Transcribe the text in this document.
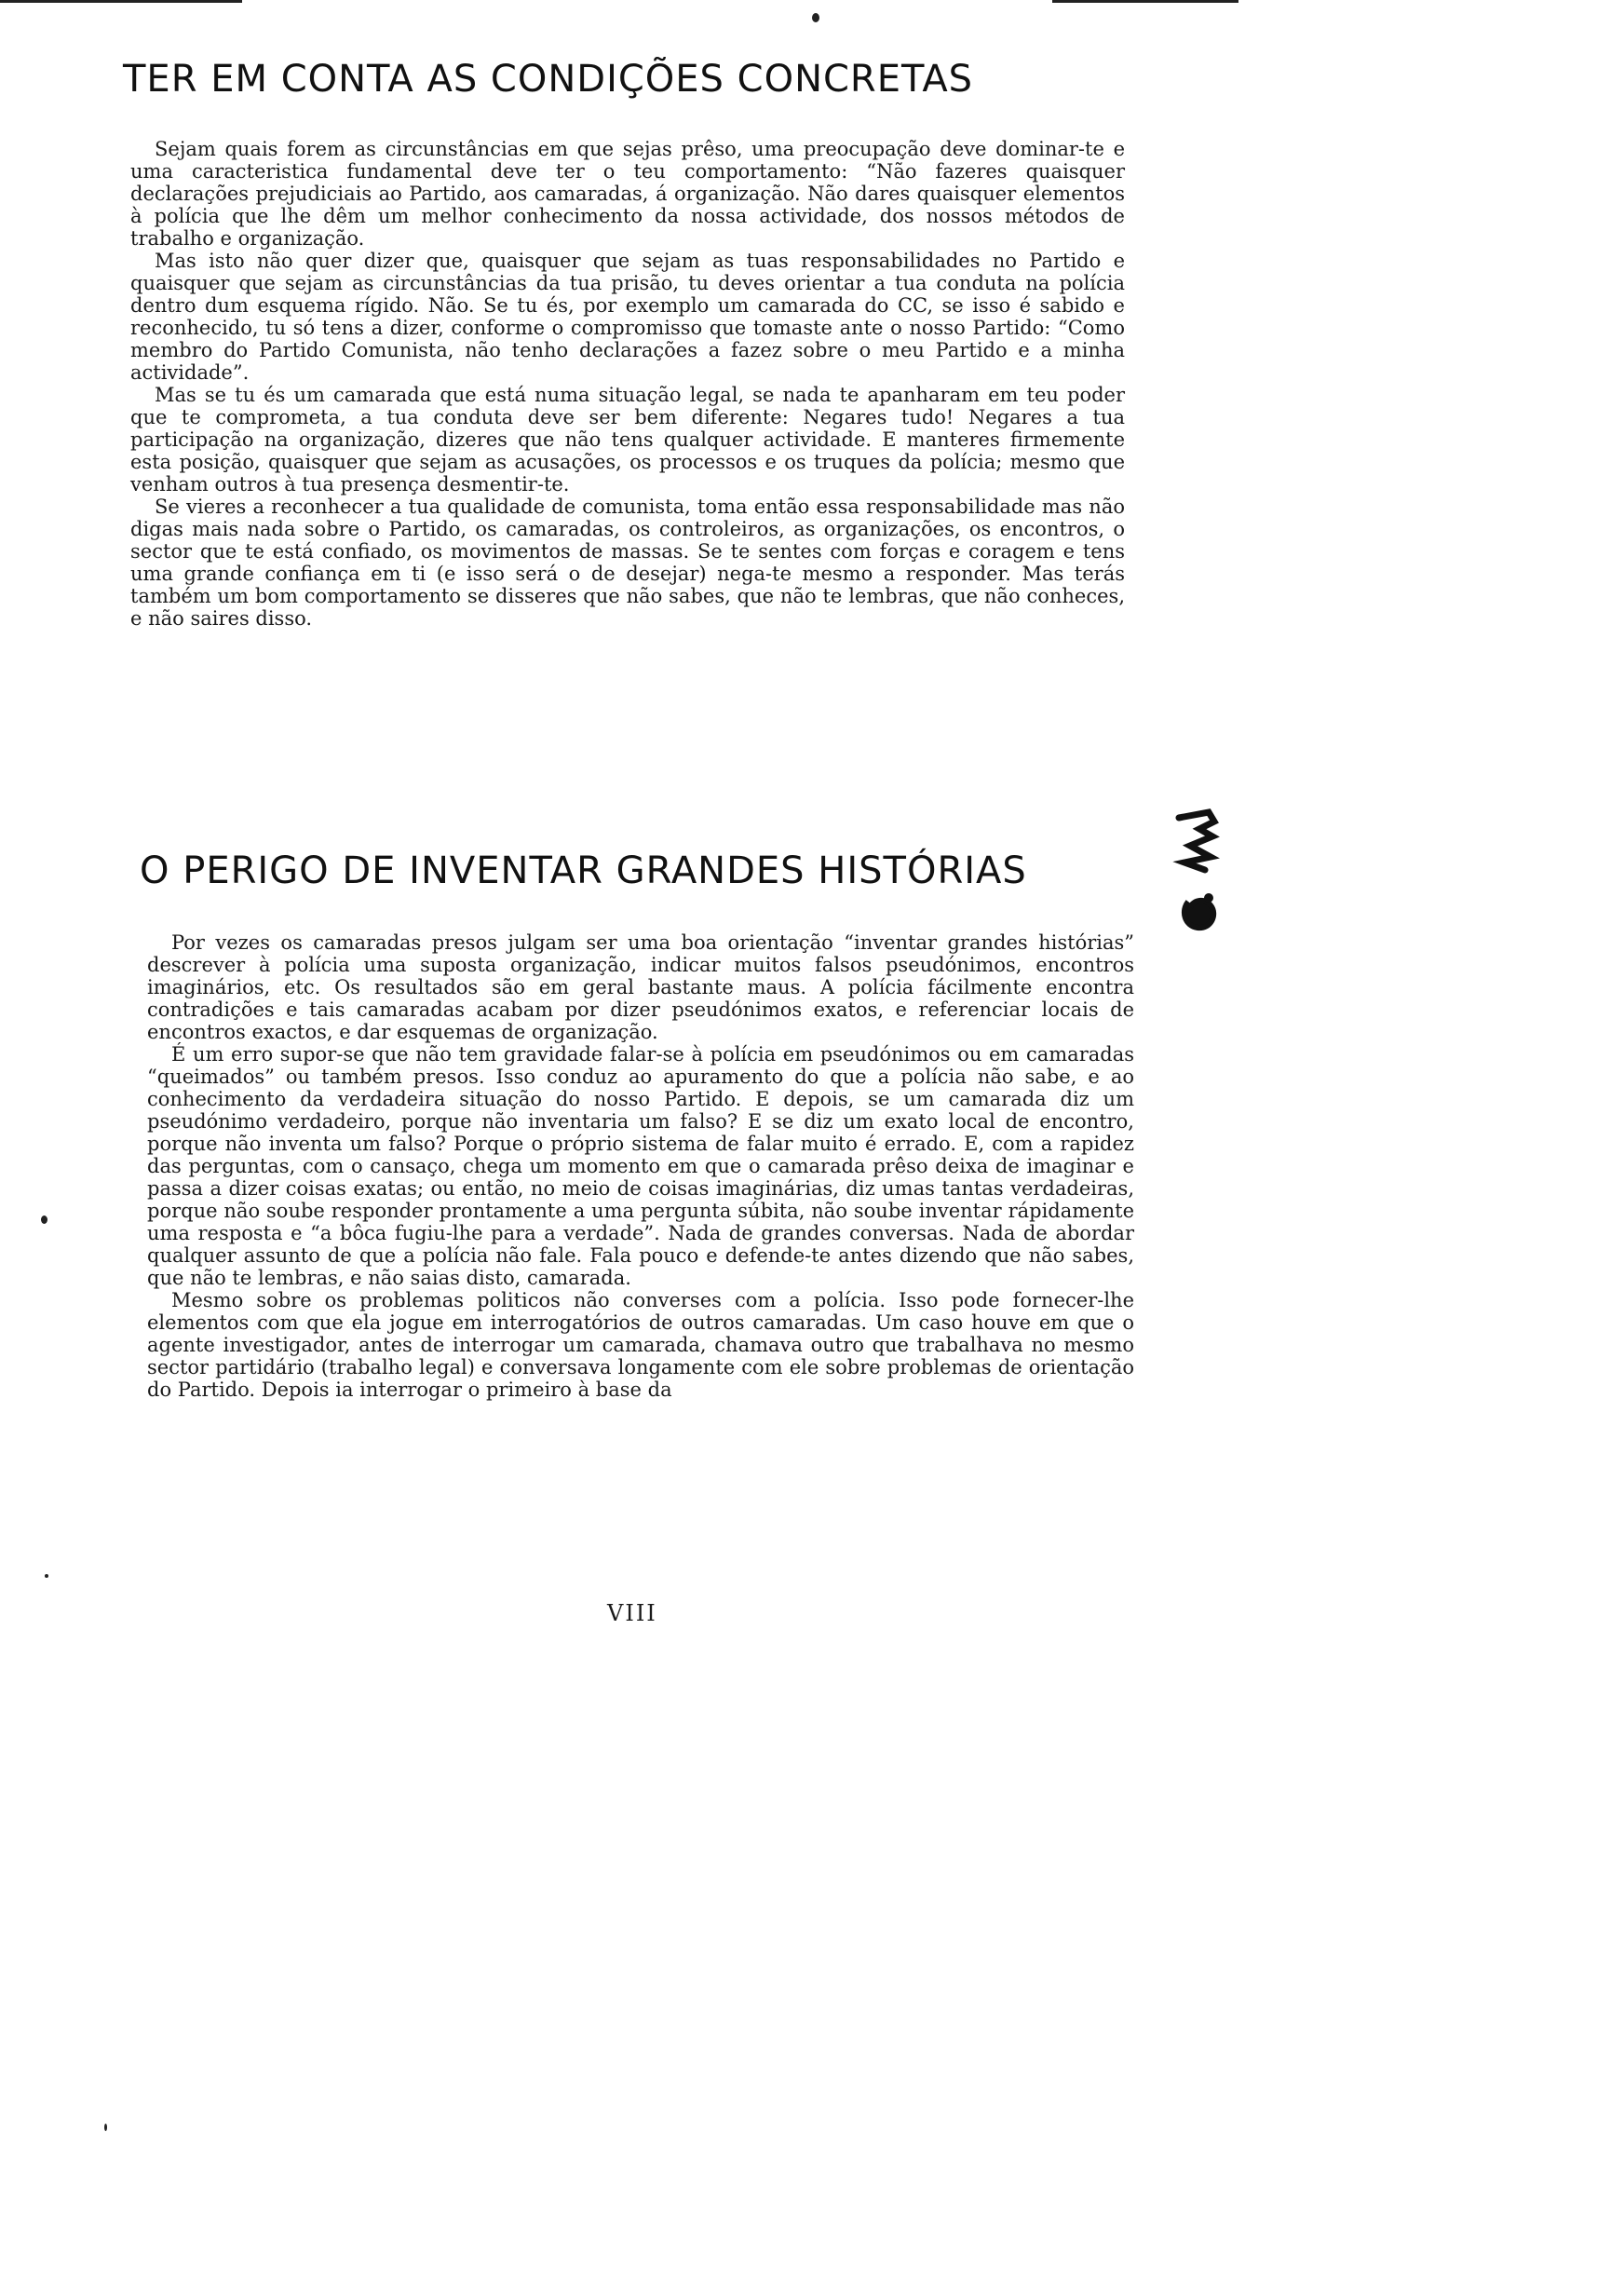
TER EM CONTA AS CONDIÇÕES CONCRETAS

Sejam quais forem as circunstâncias em que sejas prêso, uma preocupação deve dominar-te e uma caracteristica fundamental deve ter o teu comportamento: “Não fazeres quaisquer declarações prejudiciais ao Partido, aos camaradas, á organização. Não dares quaisquer elementos à polícia que lhe dêm um melhor conhecimento da nossa actividade, dos nossos métodos de trabalho e organização.

Mas isto não quer dizer que, quaisquer que sejam as tuas responsabilidades no Partido e quaisquer que sejam as circunstâncias da tua prisão, tu deves orientar a tua conduta na polícia dentro dum esquema rígido. Não. Se tu és, por exemplo um camarada do CC, se isso é sabido e reconhecido, tu só tens a dizer, conforme o compromisso que tomaste ante o nosso Partido: “Como membro do Partido Comunista, não tenho declarações a fazez sobre o meu Partido e a minha actividade”.

Mas se tu és um camarada que está numa situação legal, se nada te apanharam em teu poder que te comprometa, a tua conduta deve ser bem diferente: Negares tudo! Negares a tua participação na organização, dizeres que não tens qualquer actividade. E manteres firmemente esta posição, quaisquer que sejam as acusações, os processos e os truques da polícia; mesmo que venham outros à tua presença desmentir-te.

Se vieres a reconhecer a tua qualidade de comunista, toma então essa responsabilidade mas não digas mais nada sobre o Partido, os camaradas, os controleiros, as organizações, os encontros, o sector que te está confiado, os movimentos de massas. Se te sentes com forças e coragem e tens uma grande confiança em ti (e isso será o de desejar) nega-te mesmo a responder. Mas terás também um bom comportamento se disseres que não sabes, que não te lembras, que não conheces, e não saires disso.

O PERIGO DE INVENTAR GRANDES HISTÓRIAS

Por vezes os camaradas presos julgam ser uma boa orientação “inventar grandes histórias” descrever à polícia uma suposta organização, indicar muitos falsos pseudónimos, encontros imaginários, etc. Os resultados são em geral bastante maus. A polícia fácilmente encontra contradições e tais camaradas acabam por dizer pseudónimos exatos, e referenciar locais de encontros exactos, e dar esquemas de organização.

É um erro supor-se que não tem gravidade falar-se à polícia em pseudónimos ou em camaradas “queimados” ou também presos. Isso conduz ao apuramento do que a polícia não sabe, e ao conhecimento da verdadeira situação do nosso Partido. E depois, se um camarada diz um pseudónimo verdadeiro, porque não inventaria um falso? E se diz um exato local de encontro, porque não inventa um falso? Porque o próprio sistema de falar muito é errado. E, com a rapidez das perguntas, com o cansaço, chega um momento em que o camarada prêso deixa de imaginar e passa a dizer coisas exatas; ou então, no meio de coisas imaginárias, diz umas tantas verdadeiras, porque não soube responder prontamente a uma pergunta súbita, não soube inventar rápidamente uma resposta e “a bôca fugiu-lhe para a verdade”. Nada de grandes conversas. Nada de abordar qualquer assunto de que a polícia não fale. Fala pouco e defende-te antes dizendo que não sabes, que não te lembras, e não saias disto, camarada.

Mesmo sobre os problemas politicos não converses com a polícia. Isso pode fornecer-lhe elementos com que ela jogue em interrogatórios de outros camaradas. Um caso houve em que o agente investigador, antes de interrogar um camarada, chamava outro que trabalhava no mesmo sector partidário (trabalho legal) e conversava longamente com ele sobre problemas de orientação do Partido. Depois ia interrogar o primeiro à base da

VIII
